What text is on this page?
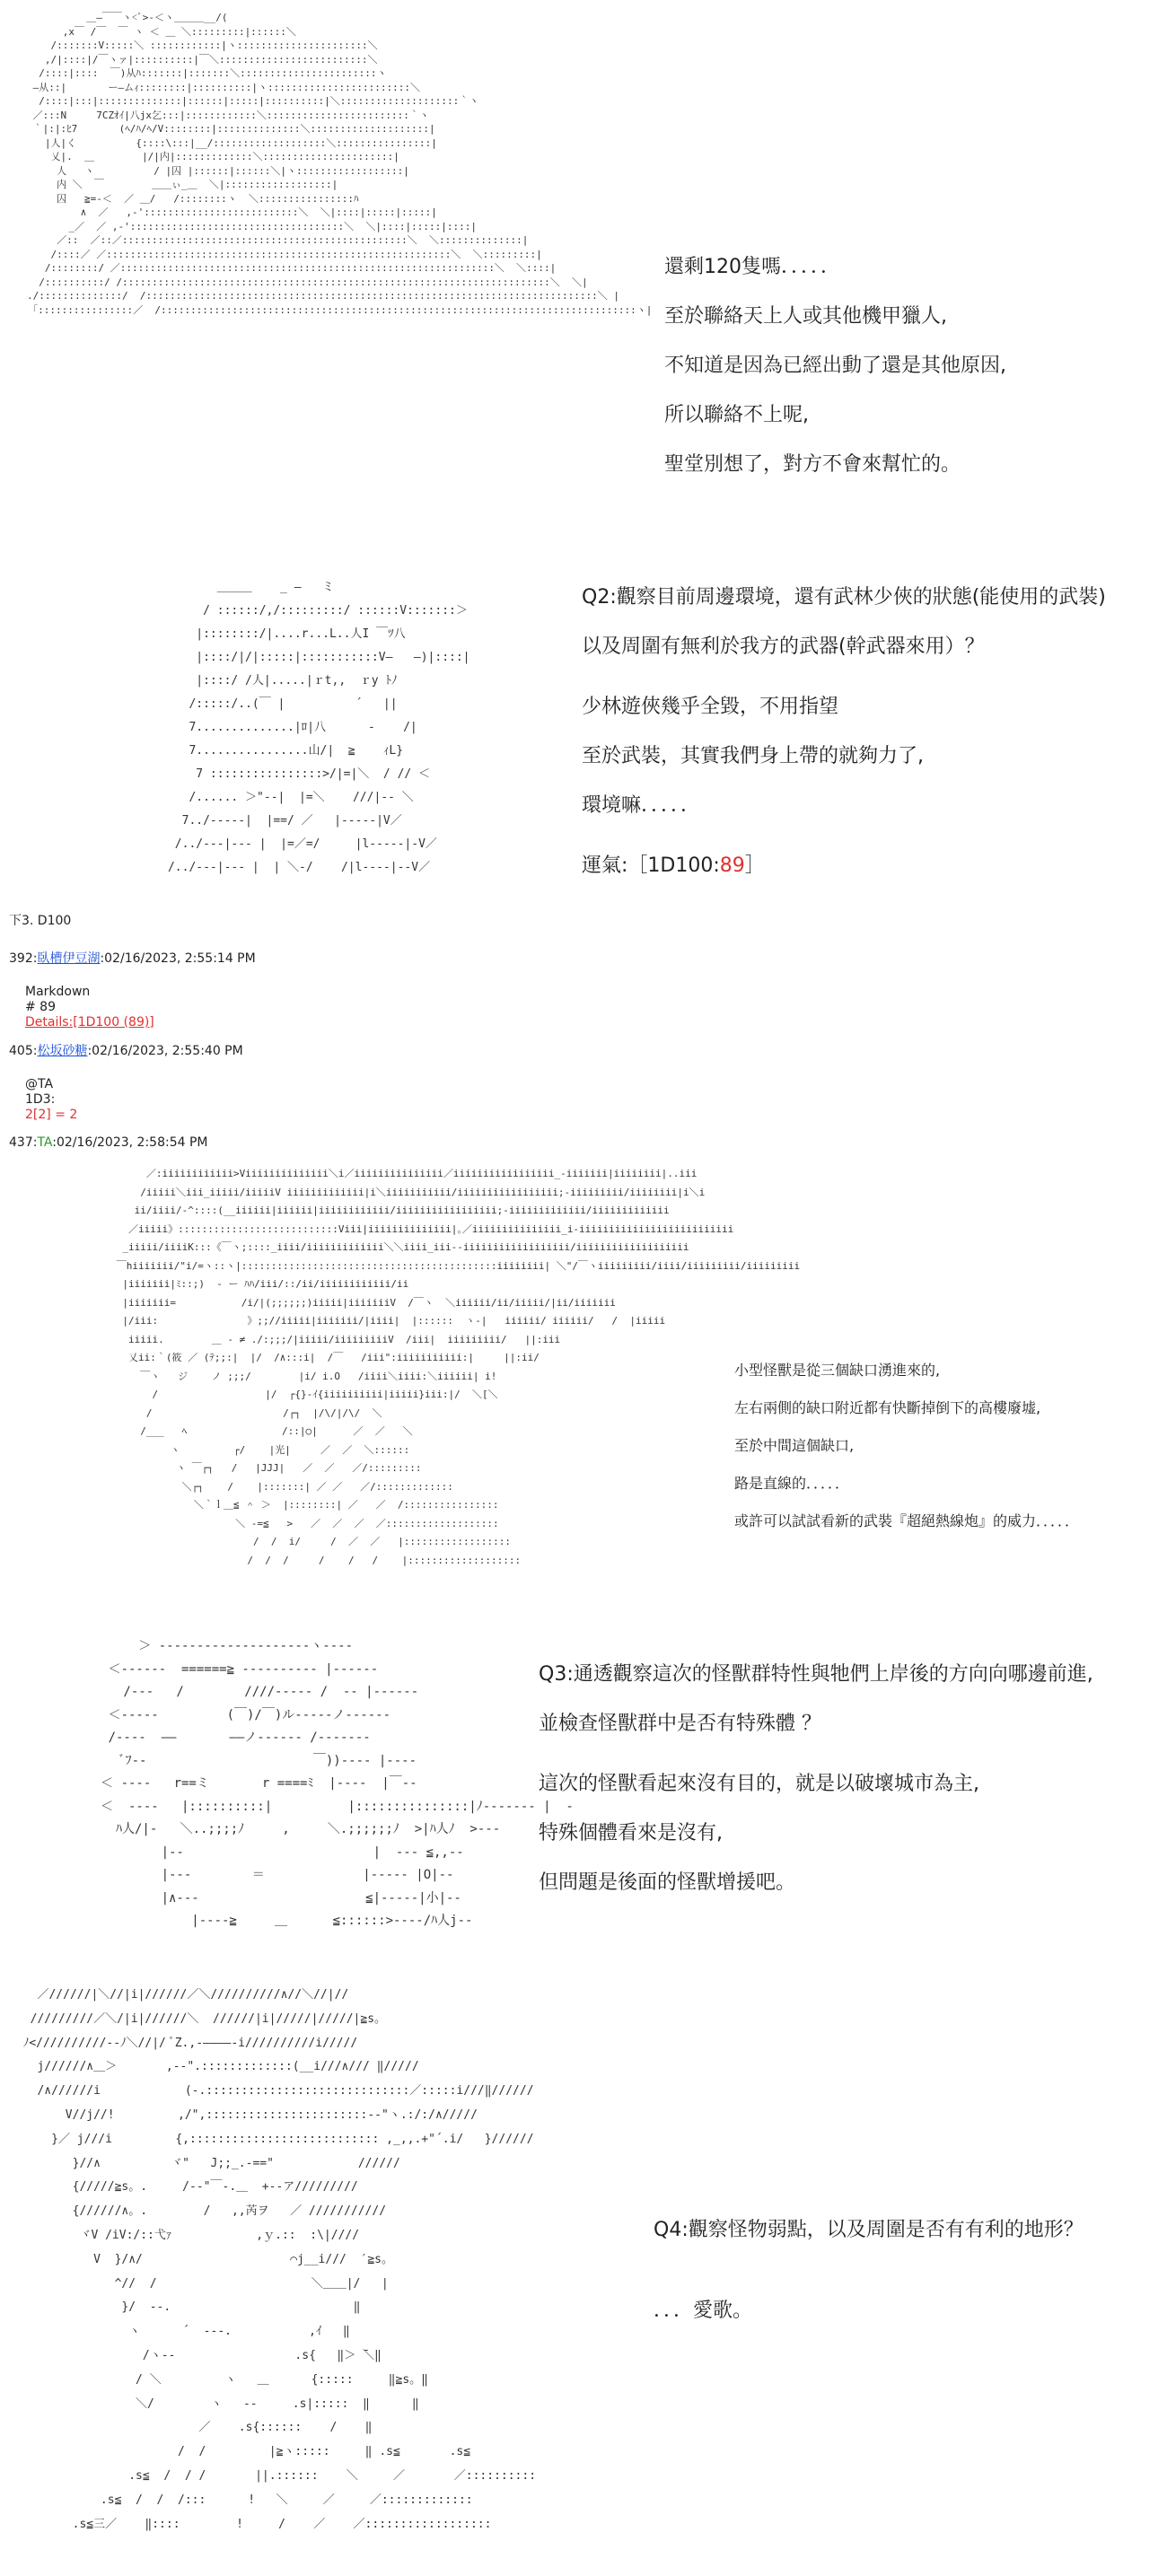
＿―￣￣ヽ<ﾞ>-＜ヽ＿＿＿__/(
,x￣ /￣  ￣ ヽ ＜ ＿ ＼:::::::::|::::::＼
/:::::::V:::::＼ ::::::::::::|ヽ::::::::::::::::::::::＼
,/|::::|/￣ヽァ|::::::::::|￣＼:::::::::::::::::::::::::＼
/::::|::::  ￣)从ﾊ:::::::|:::::::＼:::::::::::::::::::::::ヽ
―从::|       ー―ムｨ::::::::|::::::::::|ヽ::::::::::::::::::::::::＼
/::::|:::|::::::::::::::|::::::|:::::|::::::::::|＼::::::::::::::::::::｀ヽ
／:::N     7CZｵｲ|八jx乞:::|::::::::::::＼::::::::::::::::::::::::｀ヽ
｀|:|:ﾋ7       (ﾍ/ﾊ/ﾍ/V::::::::|::::::::::::::＼::::::::::::::::::::|
|人|く          {::::\:::|__/:::::::::::::::::::＼::::::::::::::::|
乂|.  ＿        |/|内|:::::::::::::＼::::::::::::::::::::::|
人   ヽ          / |囚 |::::::|::::::＼|ヽ::::::::::::::::::|
内 ＼  ￣        ＿＿ぃ_＿  ＼|::::::::::::::::::|
囚   ≧=-＜  ／ ＿/   /::::::::ヽ  ＼::::::::::::::::ﾊ
∧  ／   ,-'::::::::::::::::::::::::::＼  ＼|::::|:::::|:::::|
_／  ／ ,-'::::::::::::::::::::::::::::::::::::＼  ＼|::::|:::::|::::|
／::  ／::／::::::::::::::::::::::::::::::::::::::::::::::::＼  ＼::::::::::::::|
/::::／ ／::::::::::::::::::::::::::::::::::::::::::::::::::::::::::＼  ＼:::::::::|
/::::::::/ ／:::::::::::::::::::::::::::::::::::::::::::::::::::::::::::::::＼  ＼::::|
/::::::::::/ /::::::::::::::::::::::::::::::::::::::::::::::::::::::::::::::::::::::::＼  ＼|
./::::::::::::::/  /::::::::::::::::::::::::::::::::::::::::::::::::::::::::::::::::::::::::::::＼ |
｢::::::::::::::::／  /::::::::::::::::::::::::::::::::::::::::::::::::::::::::::::::::::::::::::::::::ヽ|
還剩120隻嗎．．．．．
至於聯絡天上人或其他機甲獵人,
不知道是因為已經出動了還是其他原因,
所以聯絡不上呢,
聖堂別想了，對方不會來幫忙的。
＿＿＿    _ ―   ミ
/ ::::::/,/:::::::::/ ::::::V:::::::＞
|::::::::/|....r...L..人I ￣ﾂ八
|::::/|/|:::::|:::::::::::V―   ―)|::::|
|::::/ /人|.....|ｒt,,  ｒy ﾄﾉ
/:::::/..(￣ |          ´   ||
7..............|ﾛ|八      -    /|
7................山/|  ≧    ｨL}
7 ::::::::::::::::>/|=|＼  / // ＜
/...... ＞"‐‐|  |=＼    ///|‐‐ ＼
7../‐‐‐‐‐|  |==/ ／   |‐‐‐‐‐|V／
/../‐‐‐|‐‐‐ |  |=／=/     |l‐‐‐‐‐|‐V／
/../‐‐‐|‐‐‐ |  | ＼‐/    /|l‐‐‐‐|‐‐V／
Q2:觀察目前周邊環境，還有武林少俠的狀態(能使用的武裝)
以及周圍有無利於我方的武器(幹武器來用）？
少林遊俠幾乎全毀，不用指望
至於武裝，其實我們身上帶的就夠力了,
環境嘛．．．．．
運氣:［1D100:89］
下3. D100
392:臥槽伊豆湖:02/16/2023, 2:55:14 PM
Markdown
# 89
Details:[1D100 (89)]
405:松坂砂糖:02/16/2023, 2:55:40 PM
@TA
1D3:
2[2] = 2
437:TA:02/16/2023, 2:58:54 PM
／:iiiiiiiiiiii>Viiiiiiiiiiiiii＼i／iiiiiiiiiiiiiii／iiiiiiiiiiiiiiiii_-iiiiiii|iiiiiiii|..iii
/iiiii＼iii_iiiii/iiiiiV iiiiiiiiiiiii|i＼iiiiiiiiiii/iiiiiiiiiiiiiiiii;-iiiiiiiii/iiiiiiii|i＼i
ii/iiii/-^::::(__iiiiii|iiiiii|iiiiiiiiiiii/iiiiiiiiiiiiiiiii;-iiiiiiiiiiiii/iiiiiiiiiiiii
／iiiii》:::::::::::::::::::::::::::Viii|iiiiiiiiiiiiii|｡／iiiiiiiiiiiiiii_i-iiiiiiiiiiiiiiiiiiiiiiiiii
_iiiii/iiiiK:::《￣ヽ;::::_iiii/iiiiiiiiiiiii＼＼iiii_iii--iiiiiiiiiiiiiiiiii/iiiiiiiiiiiiiiiiiii
￣hiiiiiii/"i/=ヽ::ヽ|:::::::::::::::::::::::::::::::::::::::::::iiiiiiii| ＼"/￣ヽiiiiiiiii/iiii/iiiiiiiii/iiiiiiiii
|iiiiiii|ﾐ::;)  - ー ﾊﾊ/iii/::/ii/iiiiiiiiiiii/ii
|iiiiiii=           /i/|(;;;;;;)iiiii|iiiiiiiV  /￣ヽ  ＼iiiiii/ii/iiiii/|ii/iiiiiii
|/iii:               》;;//iiiii|iiiiiii/|iiii|  |::::::  ヽ-|   iiiiii/ iiiiii/   /  |iiiii
iiiii.        ＿ - ≠ ./:;;;/|iiiii/iiiiiiiiiV  /iii|  iiiiiiiii/   ||:iii
乂ii:｀(筱 ／ (ﾃ;;:|  |/  /∧:::i|  /￣   /iii":iiiiiiiiiii:|     ||:ii/
￣ヽ   ジ    ノ ;;;/        |i/ i.O   /iiii＼iiii:＼iiiiii| i!
/                  |/  ┌{}-ｲ{iiiiiiiiii|iiiii}iii:|/  ＼[＼
/                      /┌┐  |/\/|/\/  ＼
/___   ﾍ                /::|○|      ／  ／   ＼
ヽ         ┌/    |光|     ／  ／  ＼::::::
ヽ ￣┌┐   /   |JJJ|   ／  ／   ／/:::::::::
＼┌┐    /    |:::::::| ／ ／   ／/:::::::::::::
＼｀ｌ＿≦ ＾ ＞  |::::::::| ／   ／  /::::::::::::::::
＼ ‐=≦   >   ／  ／  ／  ／:::::::::::::::::::
/  /  i/     /  ／  ／   |::::::::::::::::::
/  /  /     /    /   /    |:::::::::::::::::::
小型怪獸是從三個缺口湧進來的,
左右兩側的缺口附近都有快斷掉倒下的高樓廢墟,
至於中間這個缺口,
路是直線的．．．．．
或許可以試試看新的武裝『超絕熱線炮』的威力．．．．．
＞ ‐‐‐‐‐‐‐‐‐‐‐‐‐‐‐‐‐‐‐‐ヽ‐‐‐‐
＜‐‐‐‐‐‐  ======≧ ‐‐‐‐‐‐‐‐‐‐ |‐‐‐‐‐‐
/‐‐‐   /        ////‐‐‐‐‐ /  ‐‐ |‐‐‐‐‐‐
＜‐‐‐‐‐         (￣)/￣)ル‐‐‐‐‐ノ‐‐‐‐‐‐
/‐‐‐‐  ――       ――ノ‐‐‐‐‐‐ /‐‐‐‐‐‐‐
ﾞﾌ‐‐                      ￣))‐‐‐‐ |‐‐‐‐
＜ ‐‐‐‐   r==ミ       r ====ﾐ  |‐‐‐‐  |￣‐‐
＜  ‐‐‐‐   |::::::::::|          |:::::::::::::::|ﾉ‐‐‐‐‐‐‐ |  ‐
ﾊ人/|‐   ＼..;;;;ﾉ     ,     ＼.;;;;;;ﾉ  >|ﾊ人ﾉ  >‐‐‐
|‐‐                         |  ‐‐‐ ≦,,‐‐
|‐‐‐        ＝             |‐‐‐‐‐ |O|‐‐
|∧‐‐‐                      ≦|‐‐‐‐‐|小|‐‐
|‐‐‐‐≧     ＿      ≦::::::>‐‐‐‐/ﾊ人j‐‐
Q3:通透觀察這次的怪獸群特性與牠們上岸後的方向向哪邊前進,
並檢查怪獸群中是否有特殊體 ？
這次的怪獸看起來沒有目的，就是以破壞城市為主,
特殊個體看來是沒有,
但問題是後面的怪獸增援吧。
／//////|＼//|i|//////／＼//////////∧//＼//|//
/////////／＼/|i|//////＼  //////|i|/////|/////|≧s。
ﾉ<//////////‐-ﾉ＼//|/ ﾞZ.,‐――――‐i//////////i/////
j//////∧＿＞       ,-‐".:::::::::::::(__i///∧/// ‖/////
/∧//////i            (-.:::::::::::::::::::::::::::::／:::::i///‖//////
V//j//!         ,/",:::::::::::::::::::::::‐-"ヽ.:/:/∧/////
}／ j///i         {,::::::::::::::::::::::::::: ,_,,.+"´.i/   }//////
}//∧          ヾ"   J;;_.-=="            //////
{/////≧s。.     /‐‐"￣‐.＿  +‐‐ア/////////
{//////∧。.        /   ,,芮ヲ   ／ ///////////
ヾV /iV:/::弋ｧ            ,ｙ.::  :\|////
V  }/∧/                     ⌒j__i///  ′≧s。
^//  /                      ＼＿＿|/   |
}/  ‐‐.                          ‖
ヽ      ´  ‐‐‐.           ,ｲ   ‖
/ヽ‐‐                 .s{   ‖＞ ̄＼‖
/ ＼         ヽ   ＿      {:::::     ‖≧s。‖
＼/        ヽ   ‐‐     .s|:::::  ‖      ‖
／    .s{::::::    /    ‖
/  /         |≧ヽ:::::     ‖ .s≦       .s≦
.s≦  /  / /       ||.::::::    ＼     ／       ／::::::::::
.s≦  /  /  /:::      !   ＼     ／     ／:::::::::::::
.s≦三／    ‖::::        !     /    ／    ／::::::::::::::::::
Q4:觀察怪物弱點，以及周圍是否有有利的地形？
．．．愛歌。
